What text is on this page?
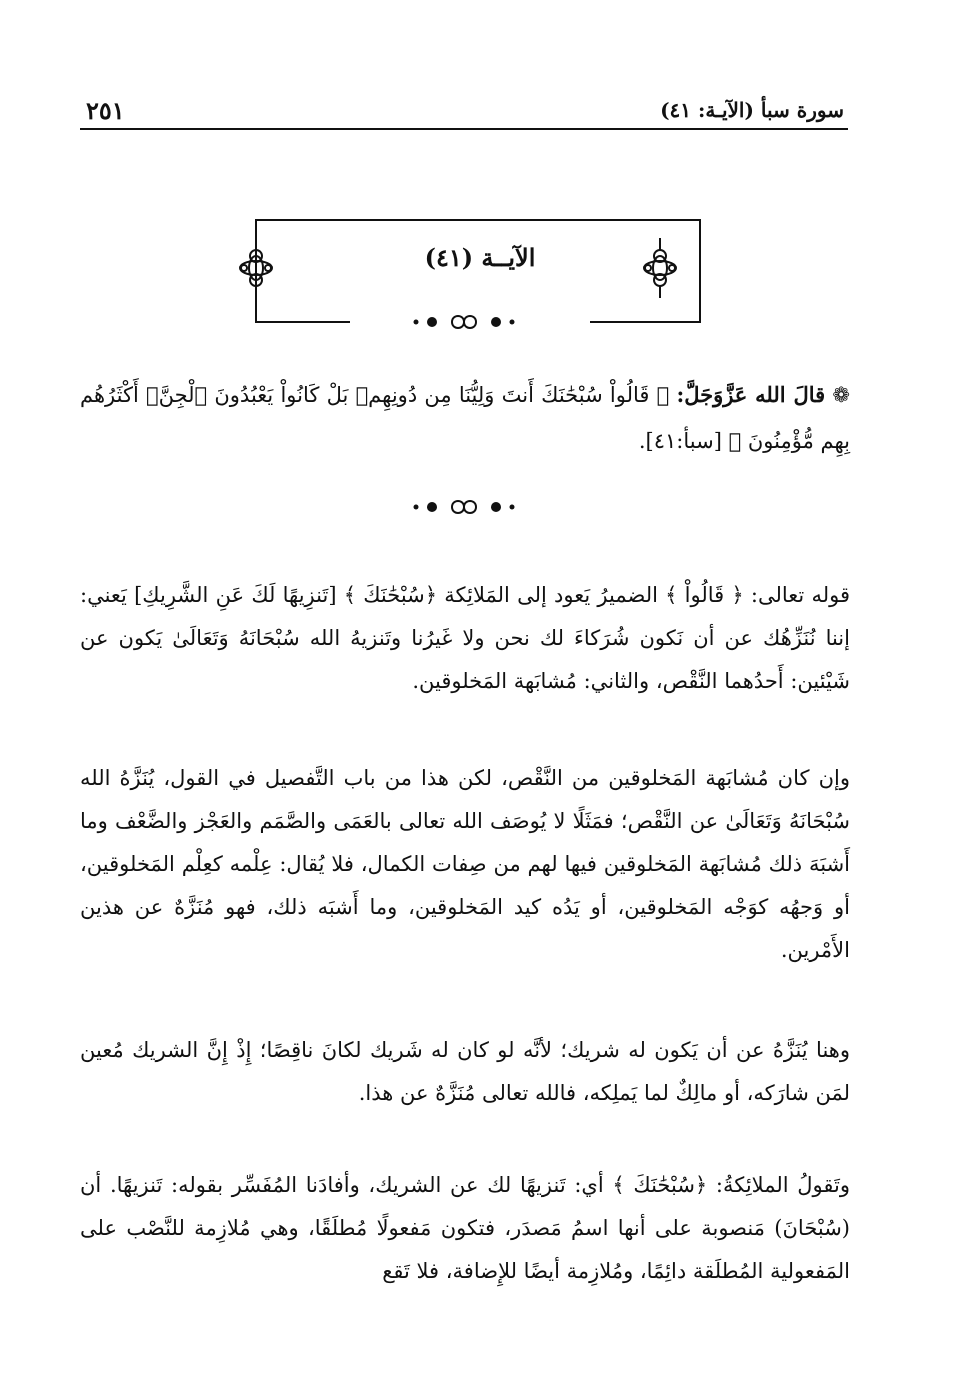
سورة سبأ (الآيـة: ٤١)
٢٥١
الآيــة (٤١)
❁ قالَ الله عَزَّوَجَلَّ: ﴿ قَالُواْ سُبْحَٰنَكَ أَنتَ وَلِيُّنَا مِن دُونِهِمۖ بَلْ كَانُواْ يَعْبُدُونَ ٱلْجِنَّۖ أَكْثَرُهُم بِهِم مُّؤْمِنُونَ ﴾ [سبأ:٤١].

قوله تعالى: ﴿ قَالُواْ ﴾ الضميرُ يَعود إلى المَلائِكة ﴿سُبْحَٰنَكَ ﴾ [تَنزِيهًا لَكَ عَنِ الشَّرِيكِ] يَعني: إننا نُنَزِّهُك عن أن نَكون شُرَكاءَ لك نحن ولا غَيرُنا وتَنزيهُ الله سُبْحَانَهُ وَتَعَالَىٰ يَكون عن شَيْئين: أَحدُهما النَّقْص، والثاني: مُشابَهة المَخلوقين.

وإن كان مُشابَهة المَخلوقين من النَّقْص، لكن هذا من باب التَّفصيل في القول، يُنَزَّهُ الله سُبْحَانَهُ وَتَعَالَىٰ عن النَّقْص؛ فمَثَلًا لا يُوصَف الله تعالى بالعَمَى والصَّمَم والعَجْز والضَّعْف وما أَشبَهَ ذلك مُشابَهة المَخلوقين فيها لهم من صِفات الكمال، فلا يُقال: عِلْمه كعِلْم المَخلوقين، أو وَجهُه كوَجْه المَخلوقين، أو يَدُه كيد المَخلوقين، وما أَشبَه ذلك، فهو مُنَزَّهٌ عن هذين الأَمْرين.

وهنا يُنَزَّهُ عن أن يَكون له شريك؛ لأنَّه لو كان له شَريك لكانَ ناقِصًا؛ إِذْ إِنَّ الشريك مُعين لمَن شارَكه، أو مالِكٌ لما يَملِكه، فالله تعالى مُنَزَّهٌ عن هذا.

وتَقولُ الملائِكةُ: ﴿سُبْحَٰنَكَ ﴾ أي: تَنزيهًا لك عن الشريك، وأفادَنا المُفَسِّر بقوله: تَنزيهًا. أن (سُبْحَانَ) مَنصوبة على أنها اسمُ مَصدَر، فتكون مَفعولًا مُطلَقًا، وهي مُلازِمة للنَّصْب على المَفعولية المُطلَقة دائِمًا، ومُلازِمة أيضًا للإِضافة، فلا تَقع
